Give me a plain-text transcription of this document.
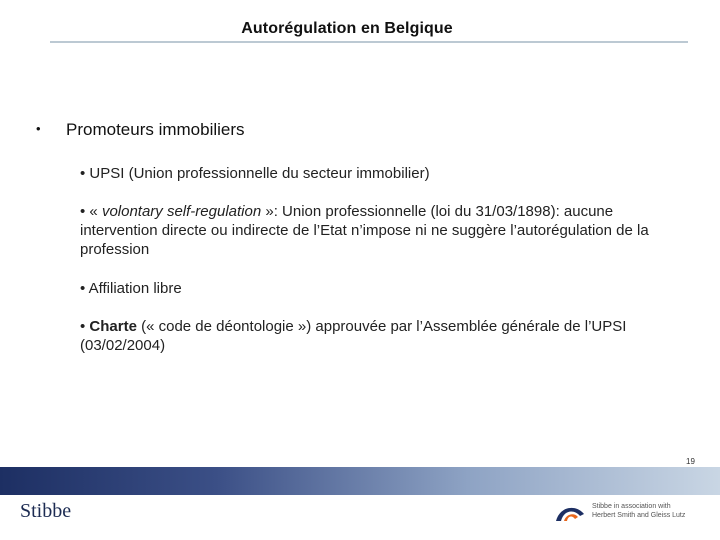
Autorégulation en Belgique
• Promoteurs immobiliers
• UPSI (Union professionnelle du secteur immobilier)
• « volontary self-regulation »: Union professionnelle (loi du 31/03/1898): aucune intervention directe ou indirecte de l’Etat n’impose ni ne suggère l’autorégulation de la profession
• Affiliation libre
• Charte (« code de déontologie ») approuvée par l’Assemblée générale de l’UPSI (03/02/2004)
19
Stibbe	Stibbe in association with
Herbert Smith and Gleiss Lutz
